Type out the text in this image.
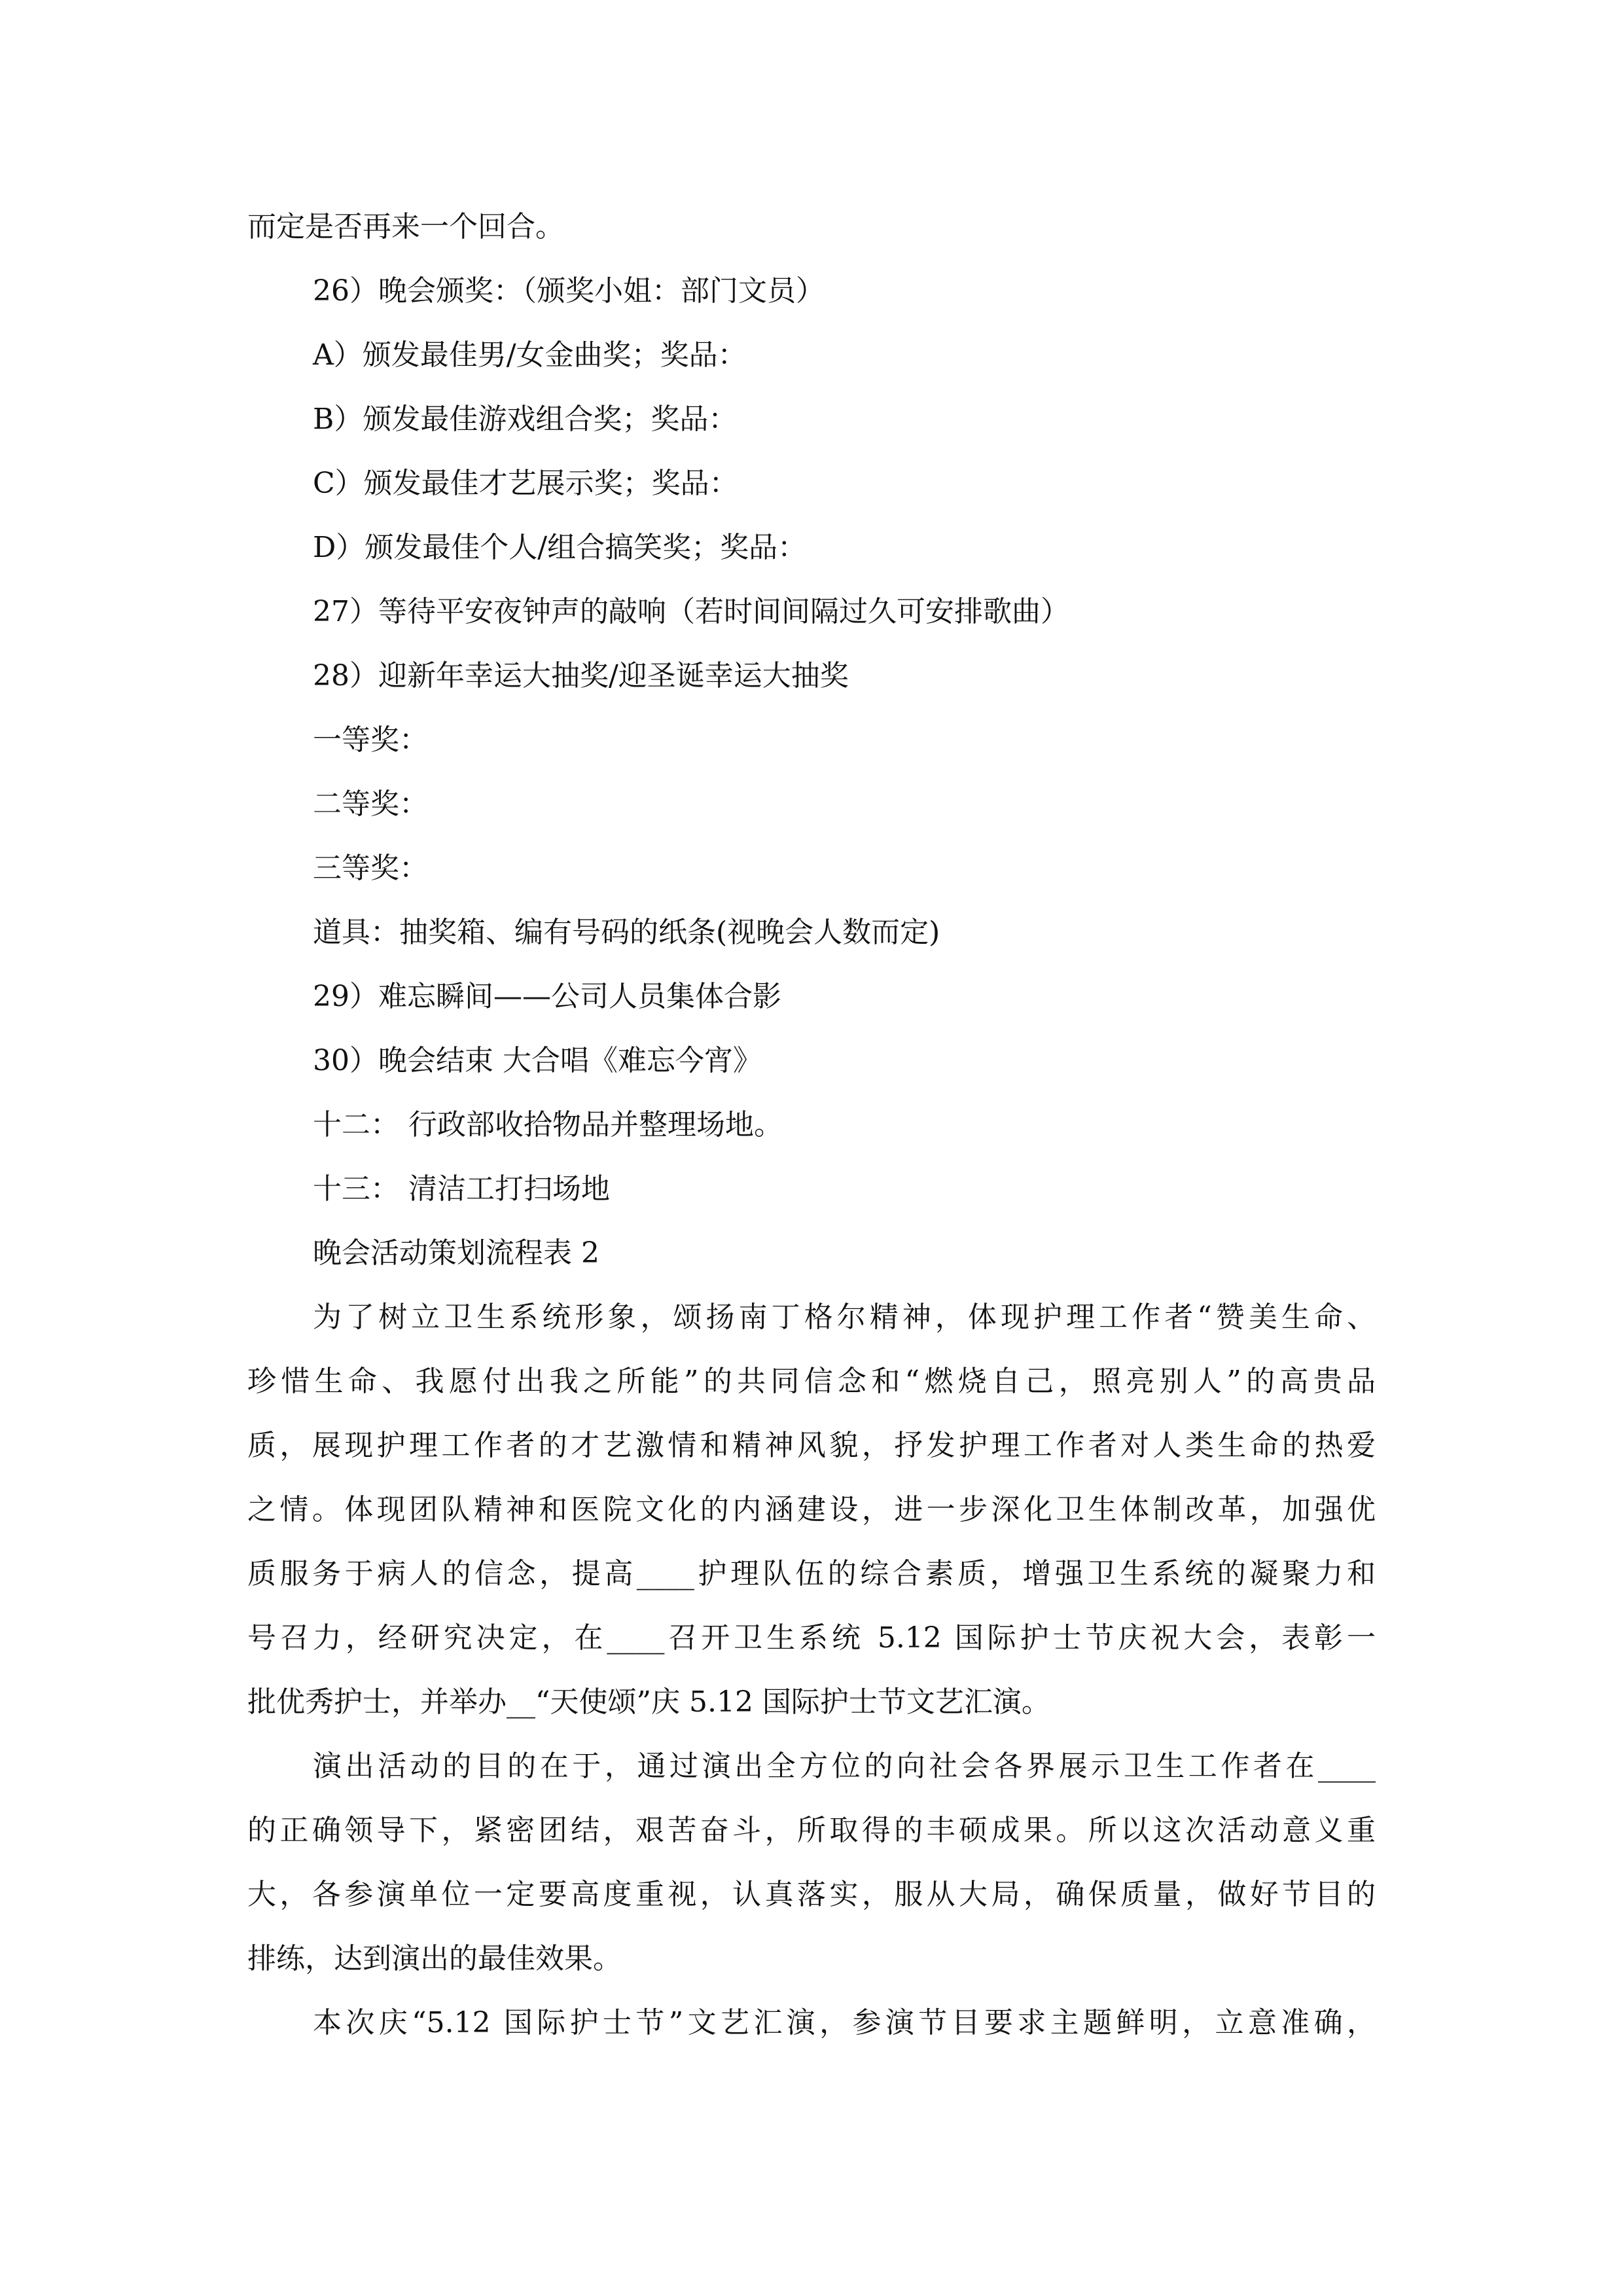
而定是否再来一个回合。
26）晚会颁奖：（颁奖小姐：部门文员）
A）颁发最佳男/女金曲奖；奖品：
B）颁发最佳游戏组合奖；奖品：
C）颁发最佳才艺展示奖；奖品：
D）颁发最佳个人/组合搞笑奖；奖品：
27）等待平安夜钟声的敲响（若时间间隔过久可安排歌曲）
28）迎新年幸运大抽奖/迎圣诞幸运大抽奖
一等奖：
二等奖：
三等奖：
道具：抽奖箱、编有号码的纸条(视晚会人数而定)
29）难忘瞬间——公司人员集体合影
30）晚会结束 大合唱《难忘今宵》
十二： 行政部收拾物品并整理场地。
十三： 清洁工打扫场地
晚会活动策划流程表 2
为了树立卫生系统形象，颂扬南丁格尔精神，体现护理工作者“赞美生命、
珍惜生命、我愿付出我之所能”的共同信念和“燃烧自己，照亮别人”的高贵品
质，展现护理工作者的才艺激情和精神风貌，抒发护理工作者对人类生命的热爱
之情。体现团队精神和医院文化的内涵建设，进一步深化卫生体制改革，加强优
质服务于病人的信念，提高____护理队伍的综合素质，增强卫生系统的凝聚力和
号召力，经研究决定，在____召开卫生系统 5.12 国际护士节庆祝大会，表彰一
批优秀护士，并举办__“天使颂”庆 5.12 国际护士节文艺汇演。
演出活动的目的在于，通过演出全方位的向社会各界展示卫生工作者在____
的正确领导下，紧密团结，艰苦奋斗，所取得的丰硕成果。所以这次活动意义重
大，各参演单位一定要高度重视，认真落实，服从大局，确保质量，做好节目的
排练，达到演出的最佳效果。
本次庆“5.12 国际护士节”文艺汇演，参演节目要求主题鲜明，立意准确，
